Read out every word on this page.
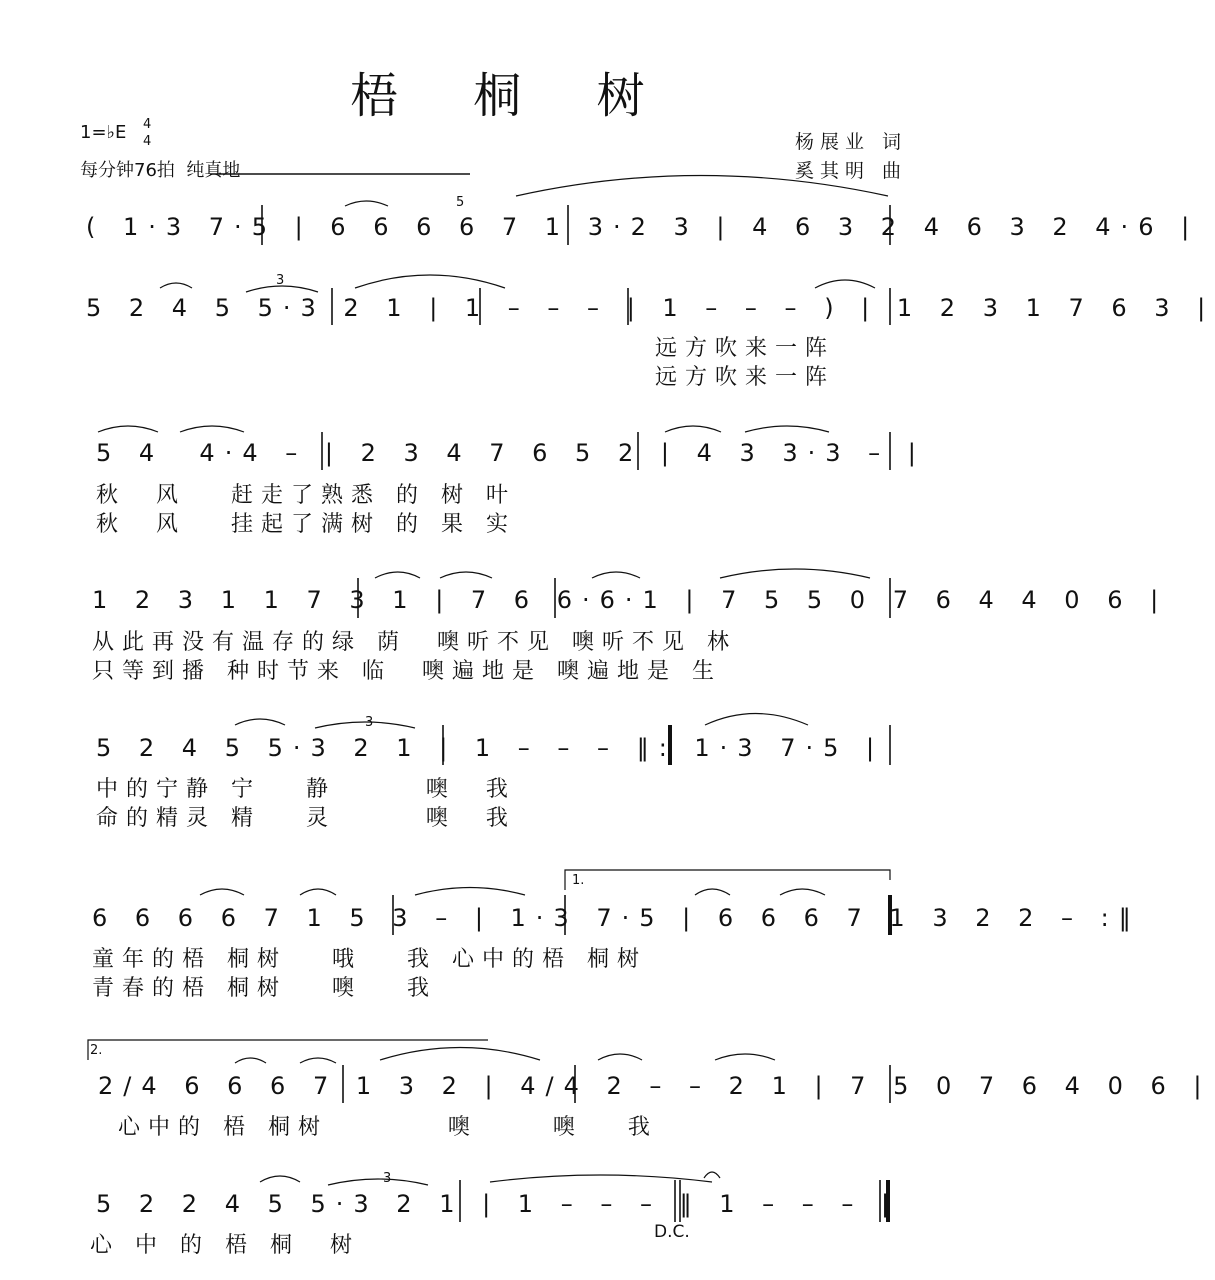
梧 桐 树
1=♭E 4
4
每分钟76拍  纯真地
杨展业 词
奚其明 曲
( 1·3 7·5 | 6 6 6 6 7 1 3·2 3 | 4 6 3 2 4 6 3 2 4·6 |
5 2 4 5 5·3 2 1 | 1 – – – | 1 – – – ) | 1 2 3 1 7 6 3 |
远方吹来一阵
远方吹来一阵
5 4  4·4 – | 2 3 4 7 6 5 2 | 4 3 3·3 – |
秋  风   赶走了熟悉 的 树 叶
秋  风   挂起了满树 的 果 实
1 2 3 1 1 7 3 1 | 7 6 6·6·1 | 7 5 5 0 7 6 4 4 0 6 |
从此再没有温存的绿 荫  噢听不见 噢听不见 林
只等到播 种时节来 临  噢遍地是 噢遍地是 生
5 2 4 5 5·3 2 1 | 1 – – – ‖: 1·3 7·5 |
中的宁静 宁   静      噢  我
命的精灵 精   灵      噢  我
1.
6 6 6 6 7 1 5 3 – | 1·3 7·5 | 6 6 6 7 1 3 2 2 – :‖
童年的梧 桐树   哦   我 心中的梧 桐树
青春的梧 桐树   噢   我
2.
2/4 6 6 6 7 1 3 2 | 4/4 2 – – 2 1 | 7 5 0 7 6 4 0 6 |
心中的 梧 桐树        噢     噢   我
5 2 2 4 5 5·3 2 1 | 1 – – – ‖ 1 – – – ‖
心 中 的 梧 桐  树
D.C.
3
3
3
5
